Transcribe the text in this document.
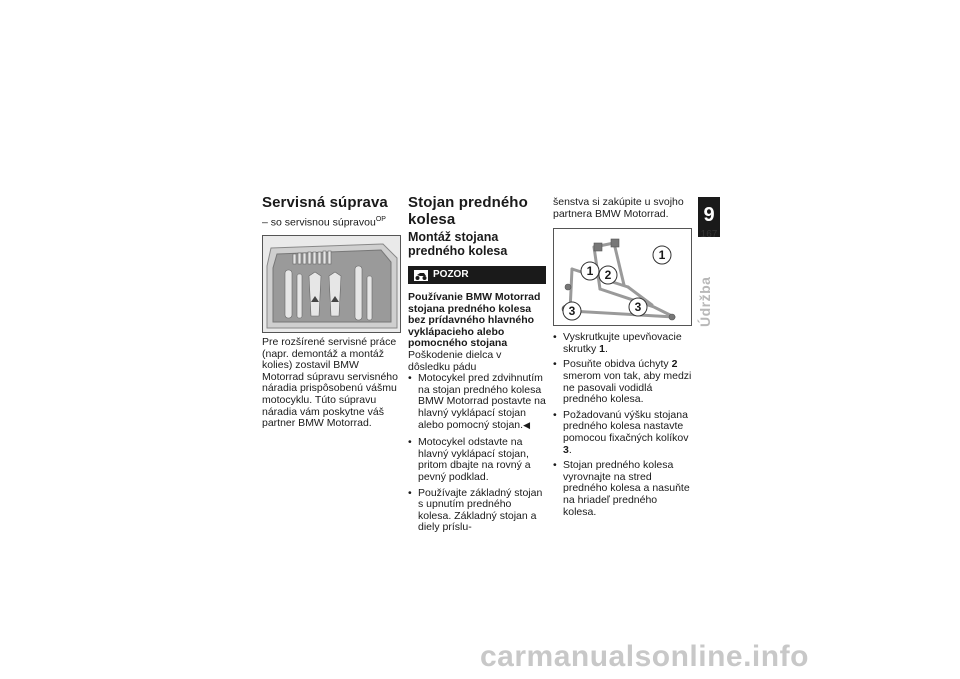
Servisná súprava

– so servisnou súpravou$^{OP}$

Pre rozšírené servisné práce (napr. demontáž a montáž kolies) zostavil BMW Motorrad súpravu servisného náradia prispôsobenú vášmu motocyklu. Túto súpravu náradia vám poskytne váš partner BMW Motorrad.

Stojan predného kolesa
Montáž stojana predného kolesa
POZOR

Používanie BMW Motorrad stojana predného kolesa bez prídavného hlavného vyklápacieho alebo pomocného stojana

Poškodenie dielca v dôsledku pádu

• Motocykel pred zdvihnutím na stojan predného kolesa BMW Motorrad postavte na hlavný vyklápací stojan alebo pomocný stojan.◀
• Motocykel odstavte na hlavný vyklápací stojan, pritom dbajte na rovný a pevný podklad.
• Používajte základný stojan s upnutím predného kolesa. Základný stojan a diely príslu-

šenstva si zakúpite u svojho partnera BMW Motorrad.

1
1 2
3	3
• Vyskrutkujte upevňovacie skrutky 1.
• Posuňte obidva úchyty 2 smerom von tak, aby medzi ne pasovali vodidlá predného kolesa.
• Požadovanú výšku stojana predného kolesa nastavte pomocou fixačných kolíkov 3.
• Stojan predného kolesa vyrovnajte na stred predného kolesa a nasuňte na hriadeľ predného kolesa.
9
167
Údržba
carmanualsonline.info
